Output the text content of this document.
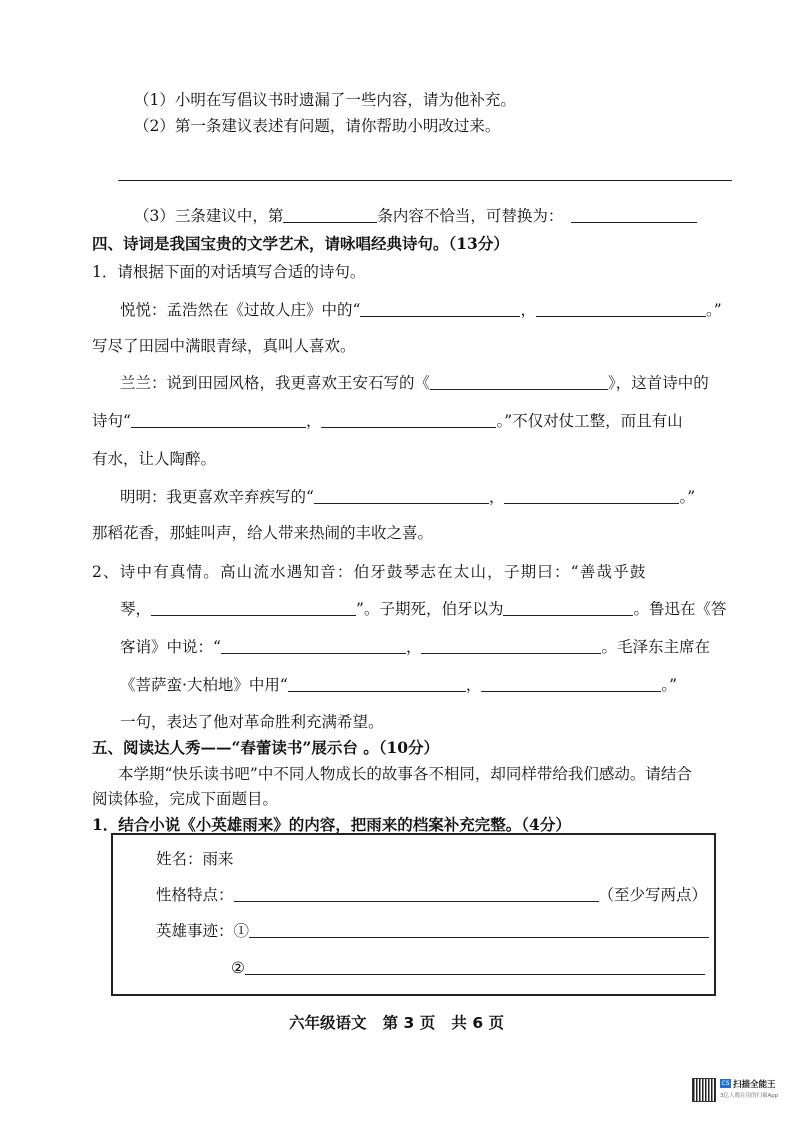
（1）小明在写倡议书时遗漏了一些内容，请为他补充。
（2）第一条建议表述有问题，请你帮助小明改过来。
（3）三条建议中，第	条内容不恰当，可替换为：
四、诗词是我国宝贵的文学艺术，请咏唱经典诗句。（13分）
1．请根据下面的对话填写合适的诗句。
悦悦：孟浩然在《过故人庄》中的“	，	。”
写尽了田园中满眼青绿，真叫人喜欢。
兰兰：说到田园风格，我更喜欢王安石写的《	》，这首诗中的
诗句“	，	。”不仅对仗工整，而且有山
有水，让人陶醉。
明明：我更喜欢辛弃疾写的“	，	。”
那稻花香，那蛙叫声，给人带来热闹的丰收之喜。
2、诗中有真情。高山流水遇知音：伯牙鼓琴志在太山，子期曰：“善哉乎鼓
琴，	”。子期死，伯牙以为	。鲁迅在《答
客诮》中说：“	，	。毛泽东主席在
《菩萨蛮·大柏地》中用“	，	。”
一句，表达了他对革命胜利充满希望。
五、阅读达人秀——“春蕾读书”展示台 。（10分）
本学期“快乐读书吧”中不同人物成长的故事各不相同，却同样带给我们感动。请结合
阅读体验，完成下面题目。
1．结合小说《小英雄雨来》的内容，把雨来的档案补充完整。（4分）
姓名：雨来
性格特点：	（至少写两点）
英雄事迹：①
②
六年级语文   第 3 页   共 6 页
CS 扫描全能王
3亿人都在用的扫描App
